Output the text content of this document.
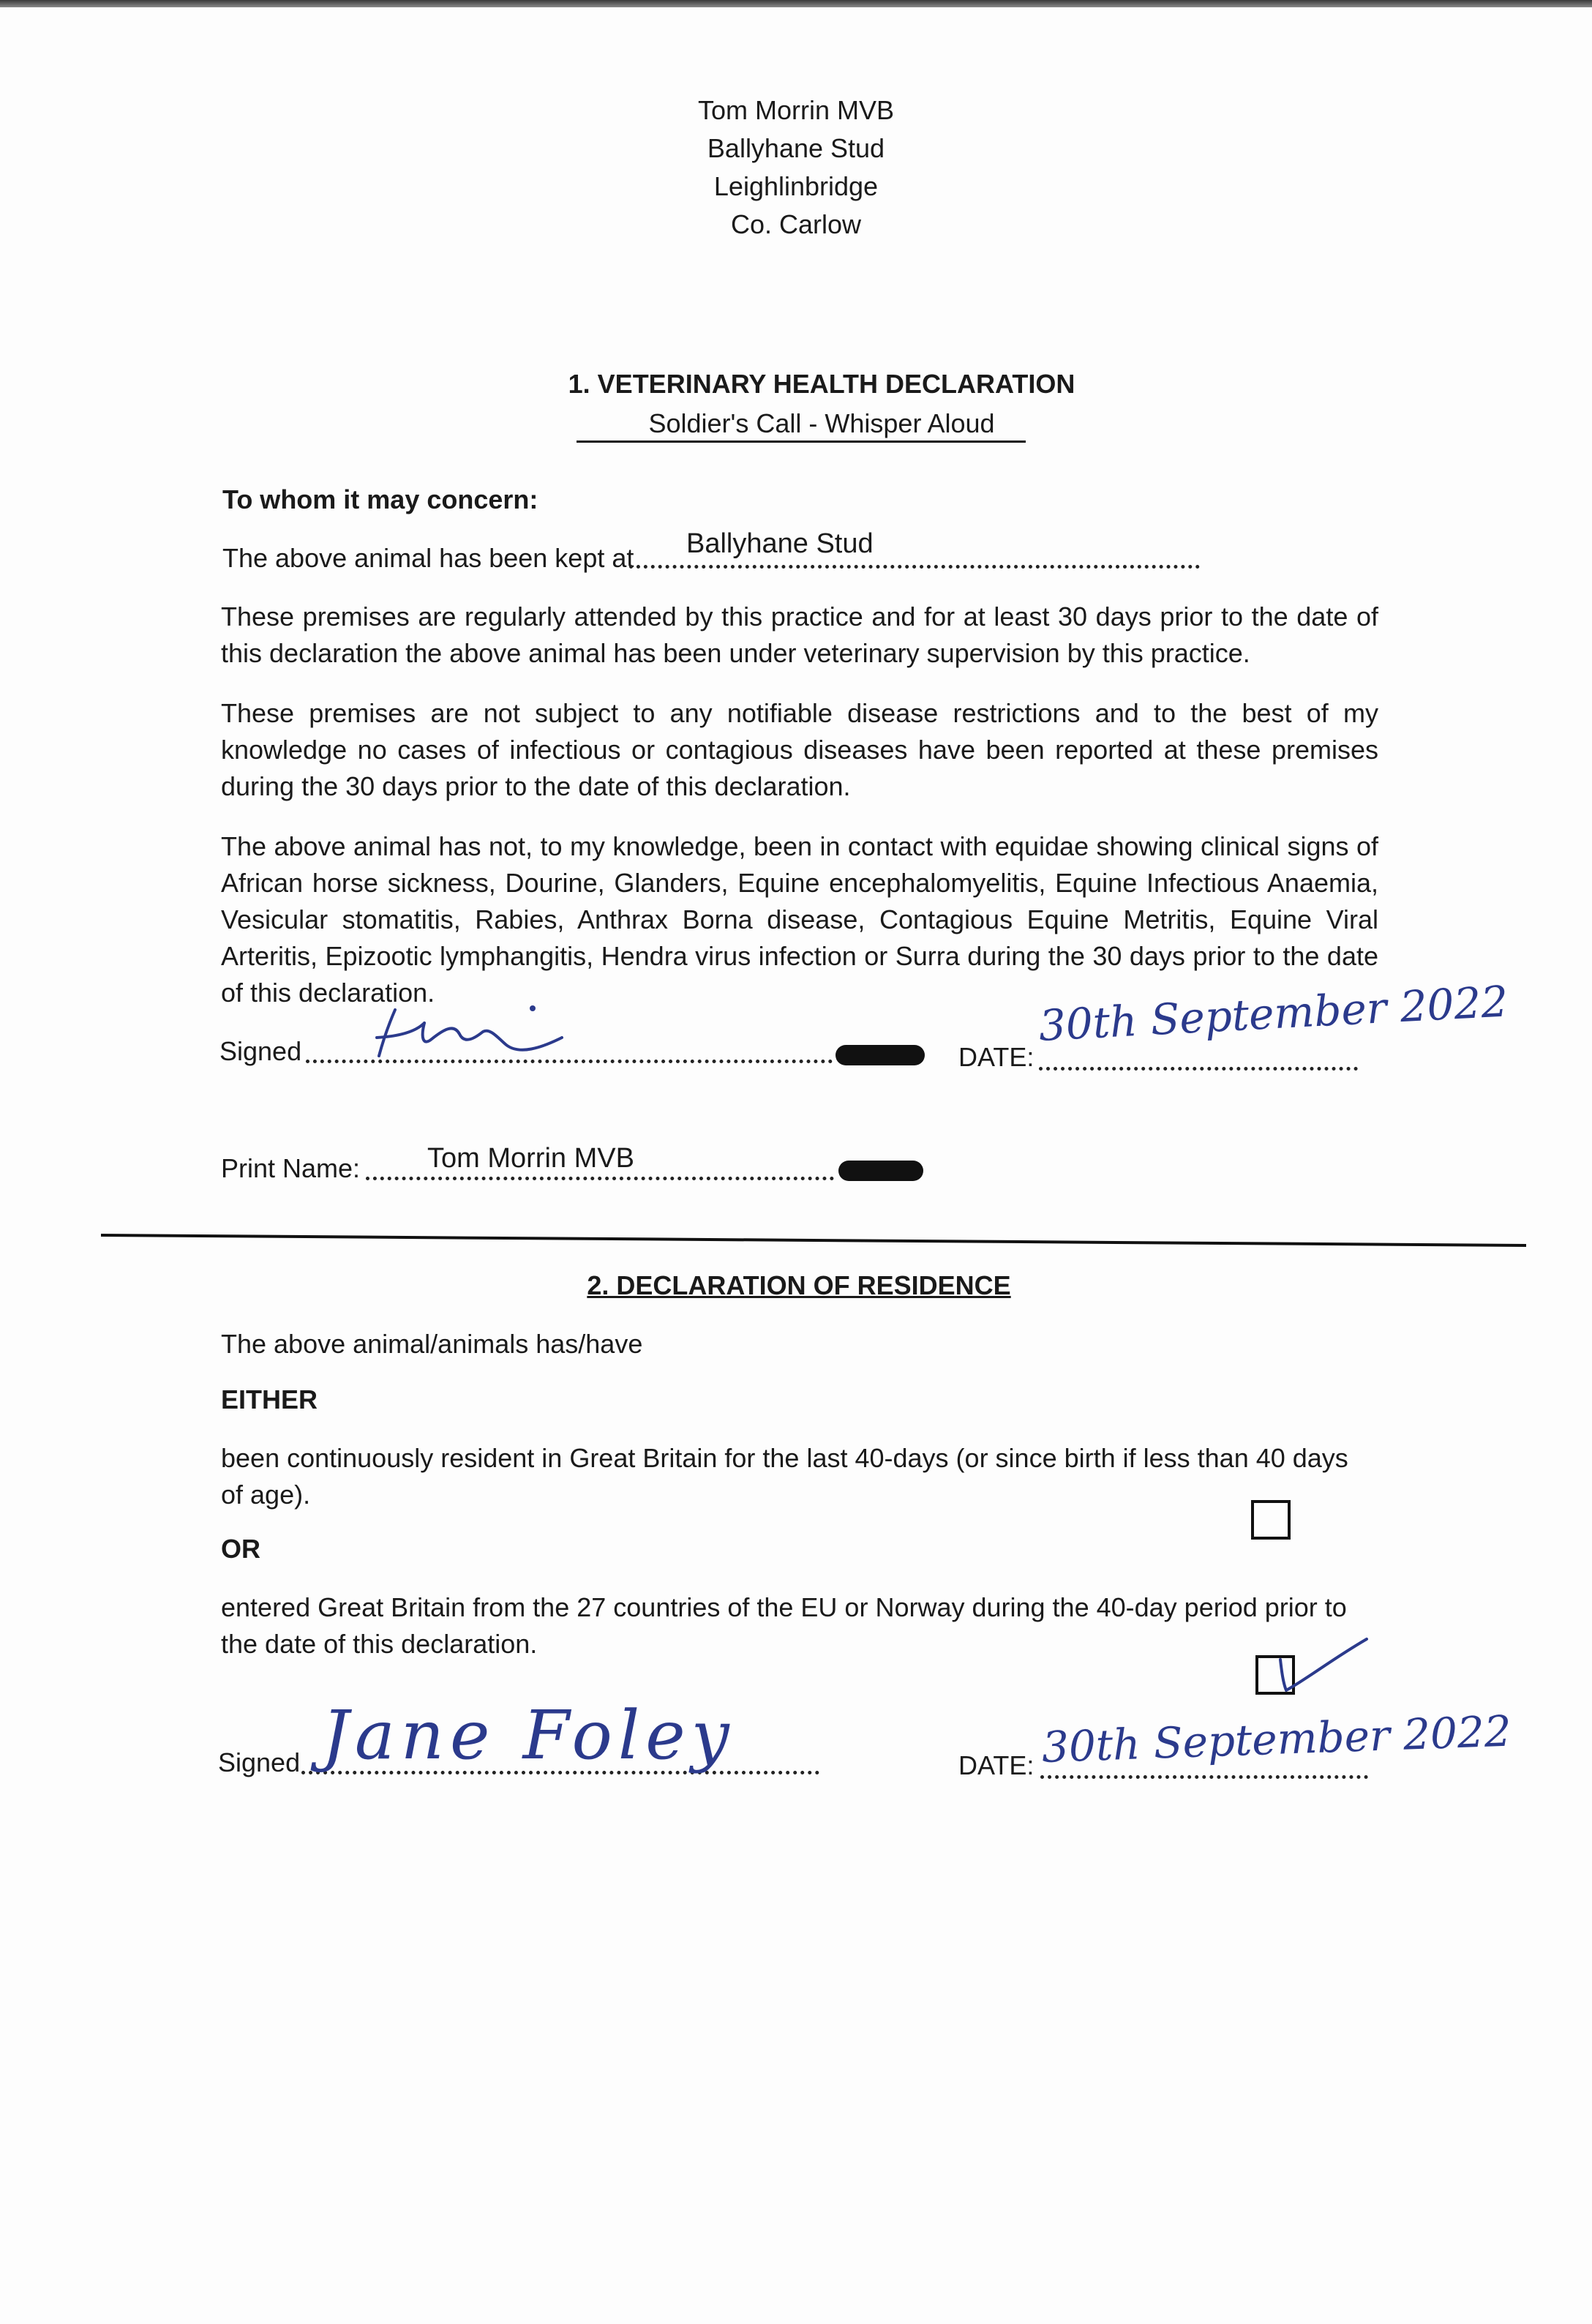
Tom Morrin MVB
Ballyhane Stud
Leighlinbridge
Co. Carlow
1. VETERINARY HEALTH DECLARATION
Soldier's Call - Whisper Aloud
To whom it may concern:
The above animal has been kept at Ballyhane Stud
These premises are regularly attended by this practice and for at least 30 days prior to the date of this declaration the above animal has been under veterinary supervision by this practice.
These premises are not subject to any notifiable disease restrictions and to the best of my knowledge no cases of infectious or contagious diseases have been reported at these premises during the 30 days prior to the date of this declaration.
The above animal has not, to my knowledge, been in contact with equidae showing clinical signs of African horse sickness, Dourine, Glanders, Equine encephalomyelitis, Equine Infectious Anaemia, Vesicular stomatitis, Rabies, Anthrax Borna disease, Contagious Equine Metritis, Equine Viral Arteritis, Epizootic lymphangitis, Hendra virus infection or Surra during the 30 days prior to the date of this declaration.
Signed	DATE:
30th September 2022
Print Name: Tom Morrin MVB
2. DECLARATION OF RESIDENCE
The above animal/animals has/have
EITHER
been continuously resident in Great Britain for the last 40-days (or since birth if less than 40 days of age).
OR
entered Great Britain from the 27 countries of the EU or Norway during the 40-day period prior to the date of this declaration.
Signed Jane Foley	DATE: 30th September 2022
